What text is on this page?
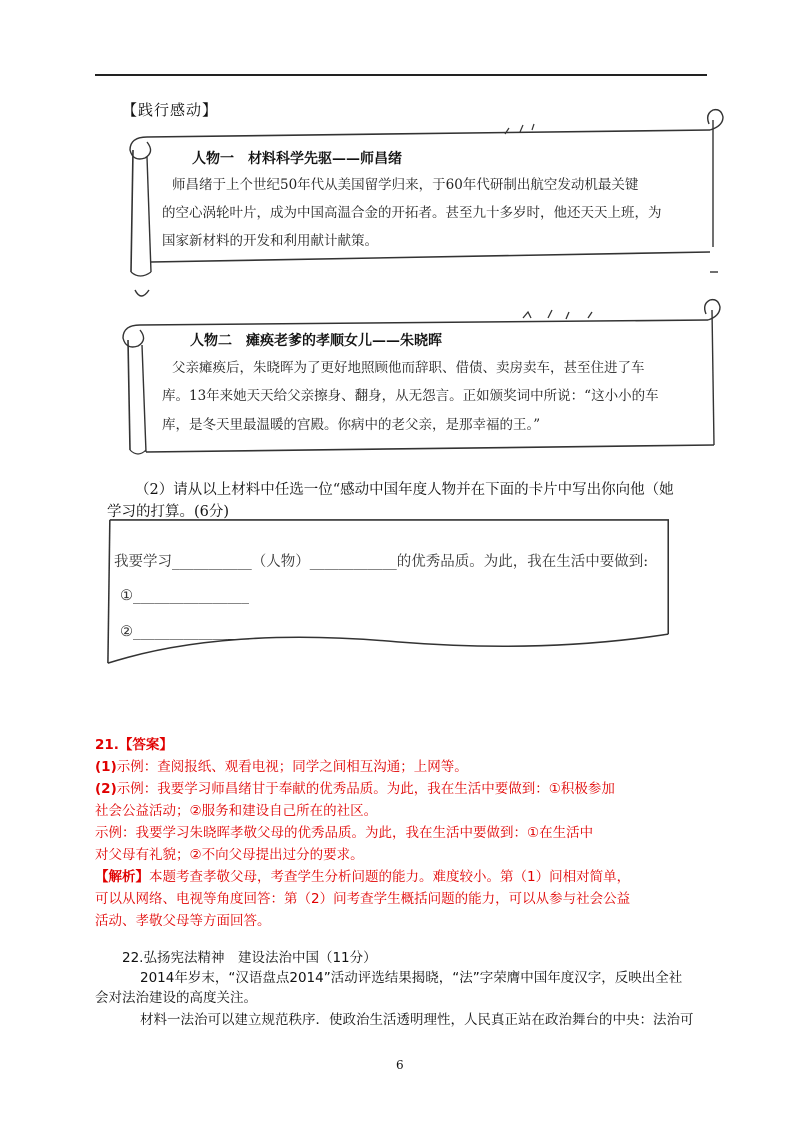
【践行感动】
人物一　材料科学先驱——师昌绪
师昌绪于上个世纪50年代从美国留学归来，于60年代研制出航空发动机最关键
的空心涡轮叶片，成为中国高温合金的开拓者。甚至九十多岁时，他还天天上班，为
国家新材料的开发和利用献计献策。
人物二　瘫痪老爹的孝顺女儿——朱晓晖
父亲瘫痪后，朱晓晖为了更好地照顾他而辞职、借债、卖房卖车，甚至住进了车
库。13年来她天天给父亲擦身、翻身，从无怨言。正如颁奖词中所说：“这小小的车
库，是冬天里最温暖的宫殿。你病中的老父亲，是那幸福的王。”
（2）请从以上材料中任选一位“感动中国年度人物并在下面的卡片中写出你向他（她
学习的打算。(6分)
我要学习___________（人物）____________的优秀品质。为此，我在生活中要做到:
①________________
②________________
21.【答案】
(1)示例：查阅报纸、观看电视；同学之间相互沟通；上网等。
(2)示例：我要学习师昌绪甘于奉献的优秀品质。为此，我在生活中要做到：①积极参加
社会公益活动；②服务和建设自己所在的社区。
示例：我要学习朱晓晖孝敬父母的优秀品质。为此，我在生活中要做到：①在生活中
对父母有礼貌；②不向父母提出过分的要求。
【解析】本题考查孝敬父母，考查学生分析问题的能力。难度较小。第（1）问相对简单，
可以从网络、电视等角度回答：第（2）问考查学生概括问题的能力，可以从参与社会公益
活动、孝敬父母等方面回答。
22.弘扬宪法精神　建设法治中国（11分）
2014年岁末，“汉语盘点2014”活动评选结果揭晓，“法”字荣膺中国年度汉字，反映出全社
会对法治建设的高度关注。
材料一法治可以建立规范秩序．使政治生活透明理性，人民真正站在政治舞台的中央：法治可
6
